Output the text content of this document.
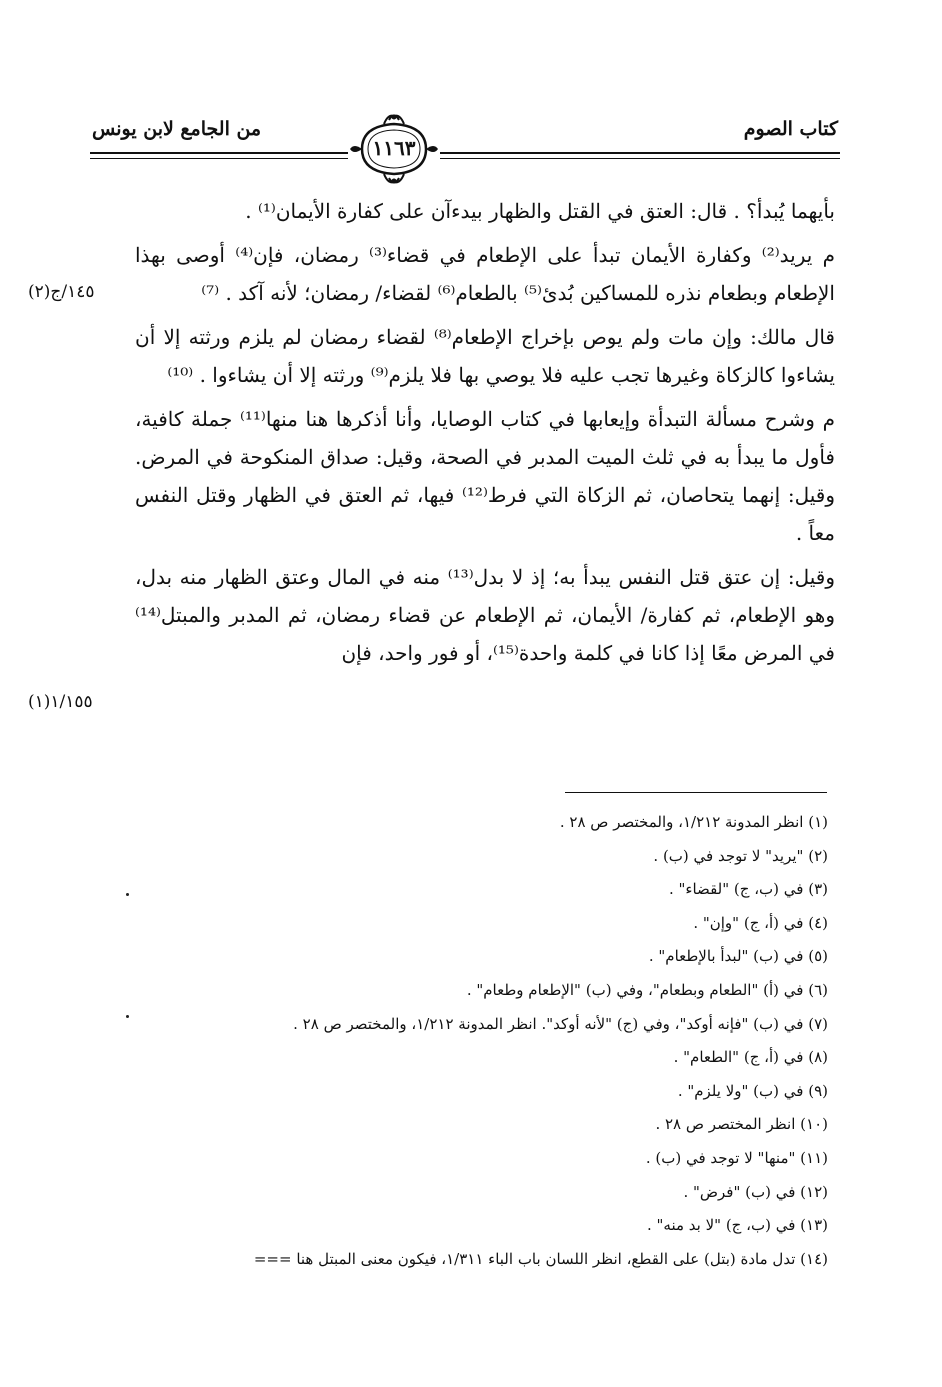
كتاب الصوم
من الجامع لابن يونس
١١٦٣
١٤٥/ج(٢)
١/١٥٥(١)

بأيهما يُبدأ؟ . قال: العتق في القتل والظهار بيدءآن على كفارة الأيمان⁽¹⁾ .

م يريد⁽²⁾ وكفارة الأيمان تبدأ على الإطعام في قضاء⁽³⁾ رمضان، فإن⁽⁴⁾ أوصى بهذا الإطعام وبطعام نذره للمساكين بُدئ⁽⁵⁾ بالطعام⁽⁶⁾ لقضاء/ رمضان؛ لأنه آكد . ⁽⁷⁾

قال مالك: وإن مات ولم يوص بإخراج الإطعام⁽⁸⁾ لقضاء رمضان لم يلزم ورثته إلا أن يشاءوا كالزكاة وغيرها تجب عليه فلا يوصي بها فلا يلزم⁽⁹⁾ ورثته إلا أن يشاءوا . ⁽¹⁰⁾

م وشرح مسألة التبدأة وإيعابها في كتاب الوصايا، وأنا أذكرها هنا منها⁽¹¹⁾ جملة كافية، فأول ما يبدأ به في ثلث الميت المدبر في الصحة، وقيل: صداق المنكوحة في المرض. وقيل: إنهما يتحاصان، ثم الزكاة التي فرط⁽¹²⁾ فيها، ثم العتق في الظهار وقتل النفس معاً .

وقيل: إن عتق قتل النفس يبدأ به؛ إذ لا بدل⁽¹³⁾ منه في المال وعتق الظهار منه بدل، وهو الإطعام، ثم كفارة/ الأيمان، ثم الإطعام عن قضاء رمضان، ثم المدبر والمبتل⁽¹⁴⁾ في المرض معًا إذا كانا في كلمة واحدة⁽¹⁵⁾، أو فور واحد، فإن

(١) انظر المدونة ١/٢١٢، والمختصر ص ٢٨ .
(٢) "يريد" لا توجد في (ب) .
(٣) في (ب، ج) "لقضاء" .
(٤) في (أ، ج) "وإن" .
(٥) في (ب) "لبدأ بالإطعام" .
(٦) في (أ) "الطعام وبطعام"، وفي (ب) "الإطعام وطعام" .
(٧) في (ب) "فإنه أوكد"، وفي (ج) "لأنه أوكد". انظر المدونة ١/٢١٢، والمختصر ص ٢٨ .
(٨) في (أ، ج) "الطعام" .
(٩) في (ب) "ولا يلزم" .
(١٠) انظر المختصر ص ٢٨ .
(١١) "منها" لا توجد في (ب) .
(١٢) في (ب) "فرض" .
(١٣) في (ب، ج) "لا بد منه" .
(١٤) تدل مادة (بتل) على القطع، انظر اللسان باب الباء ١/٣١١، فيكون معنى المبتل هنا ===
